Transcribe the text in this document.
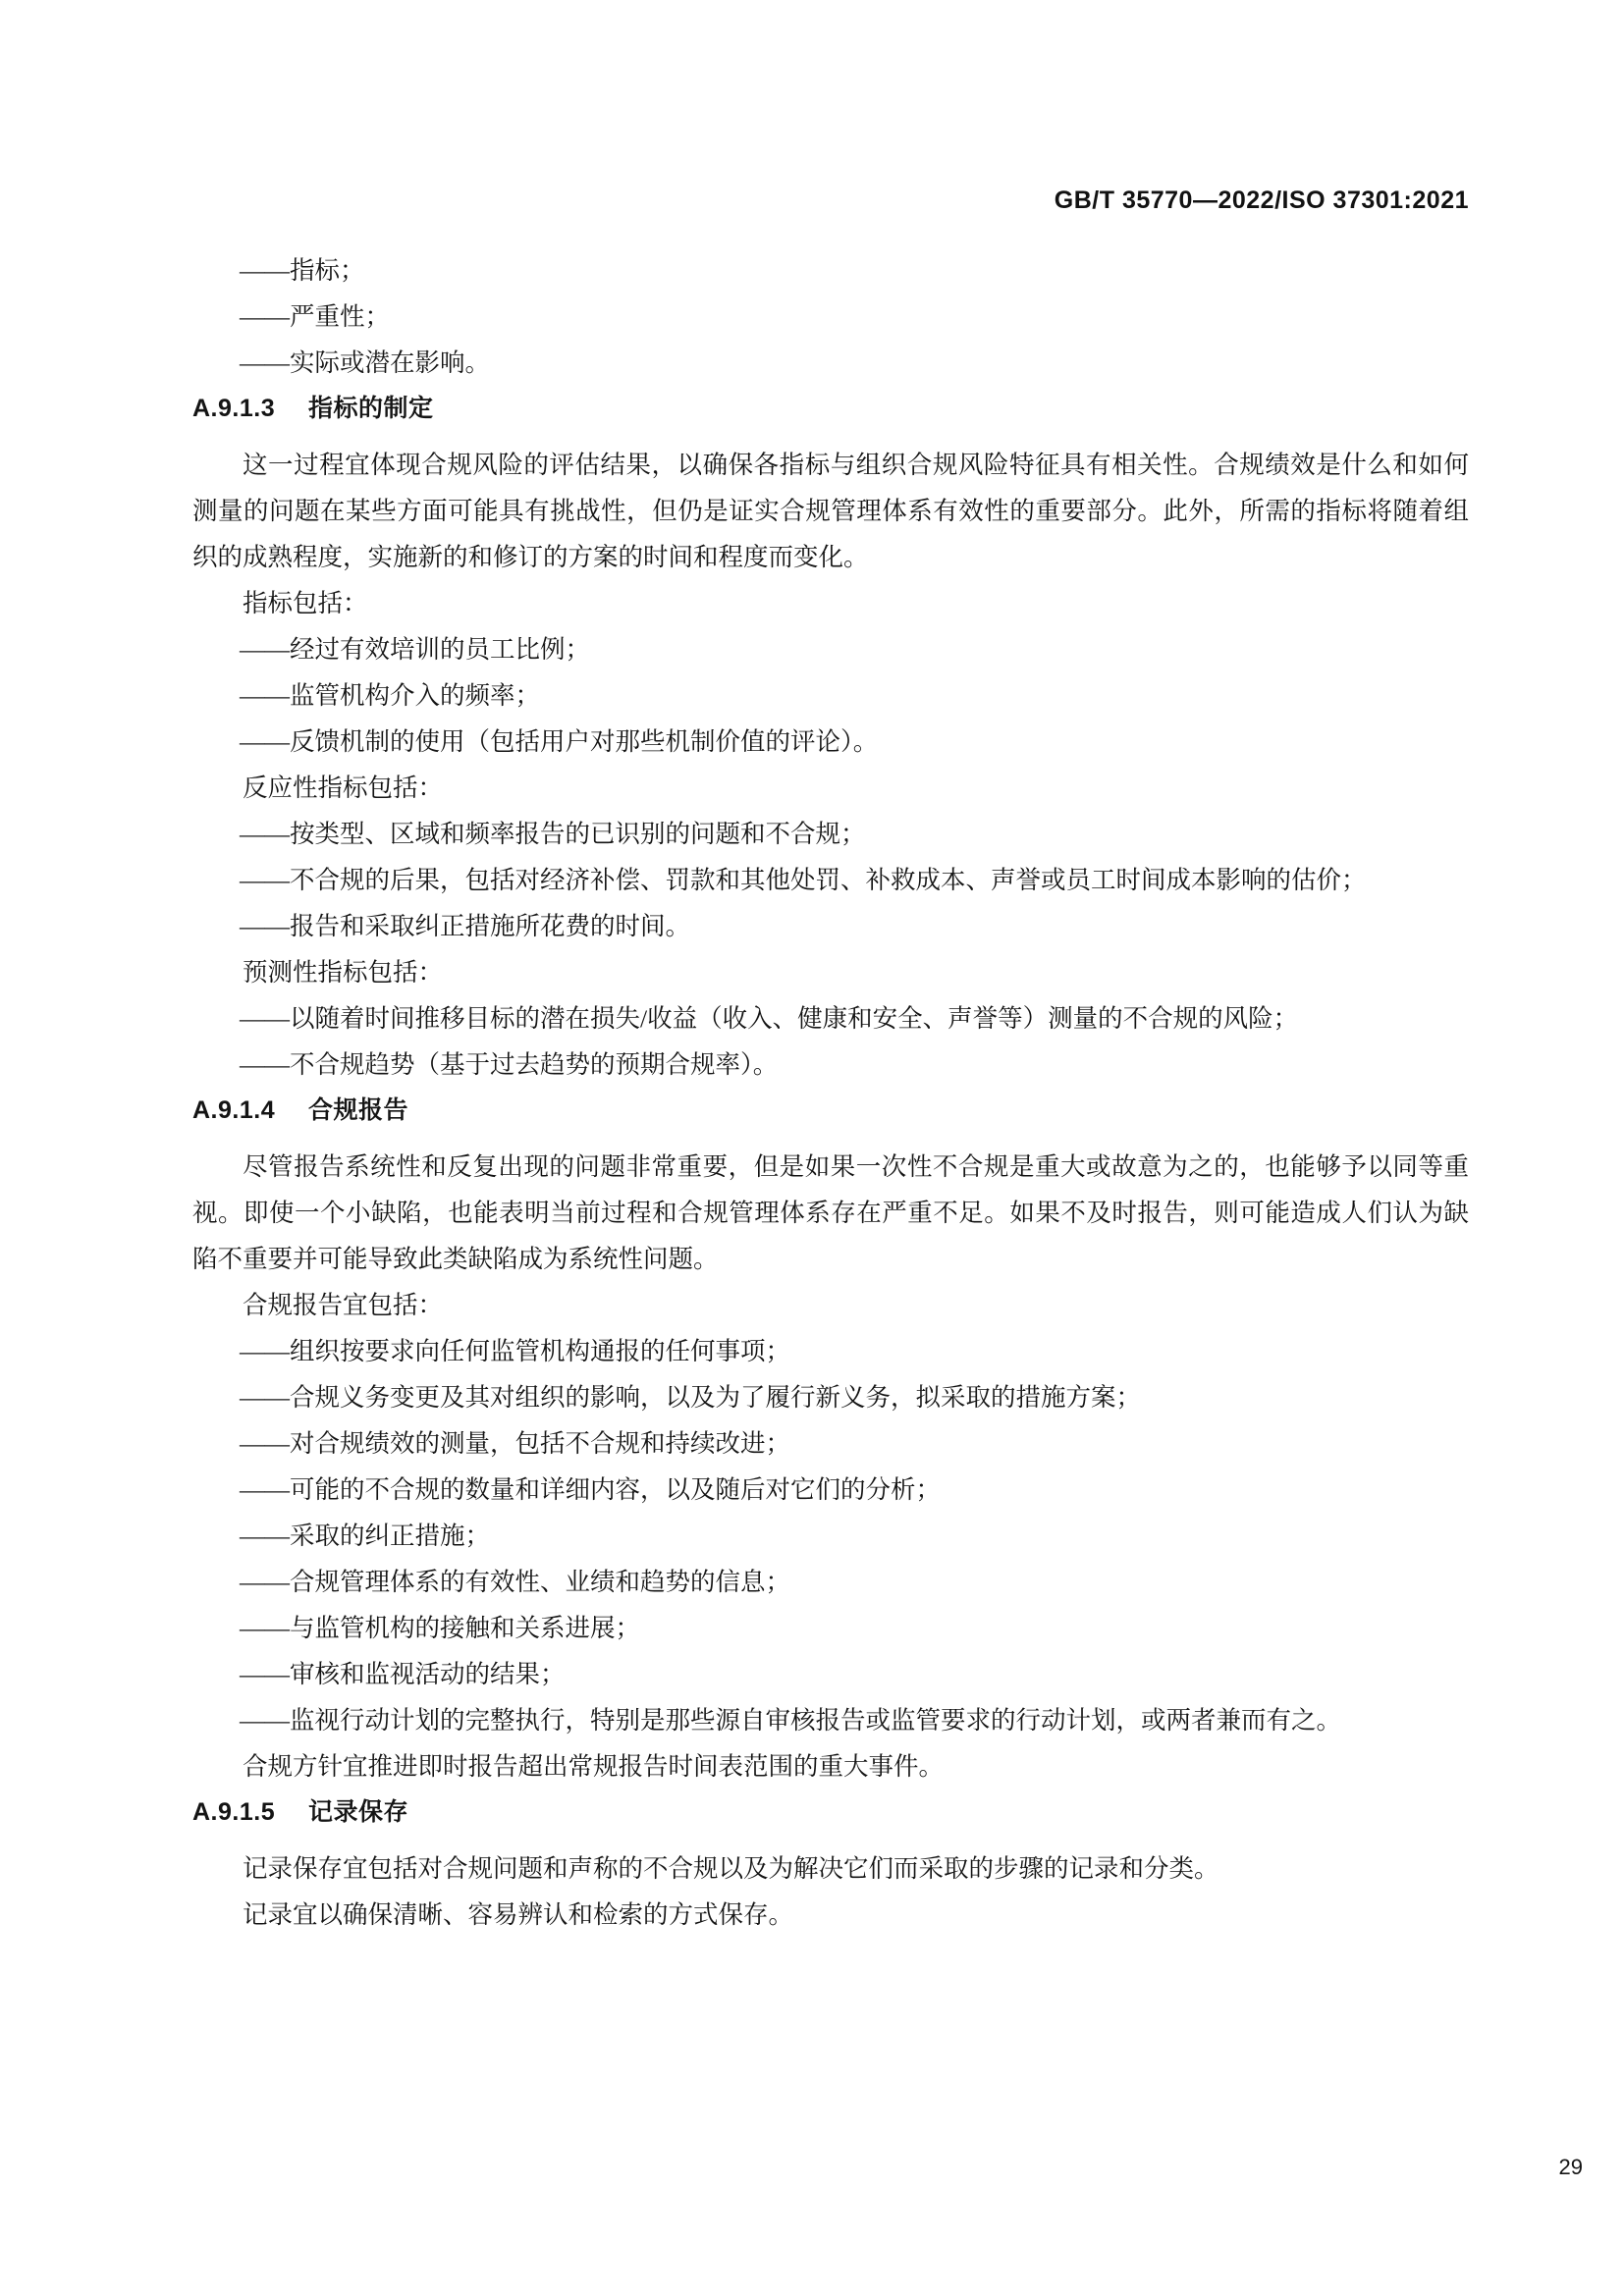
GB/T 35770—2022/ISO 37301:2021

——指标；

——严重性；

——实际或潜在影响。

A.9.1.3 指标的制定

这一过程宜体现合规风险的评估结果，以确保各指标与组织合规风险特征具有相关性。合规绩效是什么和如何测量的问题在某些方面可能具有挑战性，但仍是证实合规管理体系有效性的重要部分。此外，所需的指标将随着组织的成熟程度，实施新的和修订的方案的时间和程度而变化。

指标包括：

——经过有效培训的员工比例；

——监管机构介入的频率；

——反馈机制的使用（包括用户对那些机制价值的评论）。

反应性指标包括：

——按类型、区域和频率报告的已识别的问题和不合规；

——不合规的后果，包括对经济补偿、罚款和其他处罚、补救成本、声誉或员工时间成本影响的估价；

——报告和采取纠正措施所花费的时间。

预测性指标包括：

——以随着时间推移目标的潜在损失/收益（收入、健康和安全、声誉等）测量的不合规的风险；

——不合规趋势（基于过去趋势的预期合规率）。

A.9.1.4 合规报告

尽管报告系统性和反复出现的问题非常重要，但是如果一次性不合规是重大或故意为之的，也能够予以同等重视。即使一个小缺陷，也能表明当前过程和合规管理体系存在严重不足。如果不及时报告，则可能造成人们认为缺陷不重要并可能导致此类缺陷成为系统性问题。

合规报告宜包括：

——组织按要求向任何监管机构通报的任何事项；

——合规义务变更及其对组织的影响，以及为了履行新义务，拟采取的措施方案；

——对合规绩效的测量，包括不合规和持续改进；

——可能的不合规的数量和详细内容，以及随后对它们的分析；

——采取的纠正措施；

——合规管理体系的有效性、业绩和趋势的信息；

——与监管机构的接触和关系进展；

——审核和监视活动的结果；

——监视行动计划的完整执行，特别是那些源自审核报告或监管要求的行动计划，或两者兼而有之。

合规方针宜推进即时报告超出常规报告时间表范围的重大事件。

A.9.1.5 记录保存

记录保存宜包括对合规问题和声称的不合规以及为解决它们而采取的步骤的记录和分类。

记录宜以确保清晰、容易辨认和检索的方式保存。

29
